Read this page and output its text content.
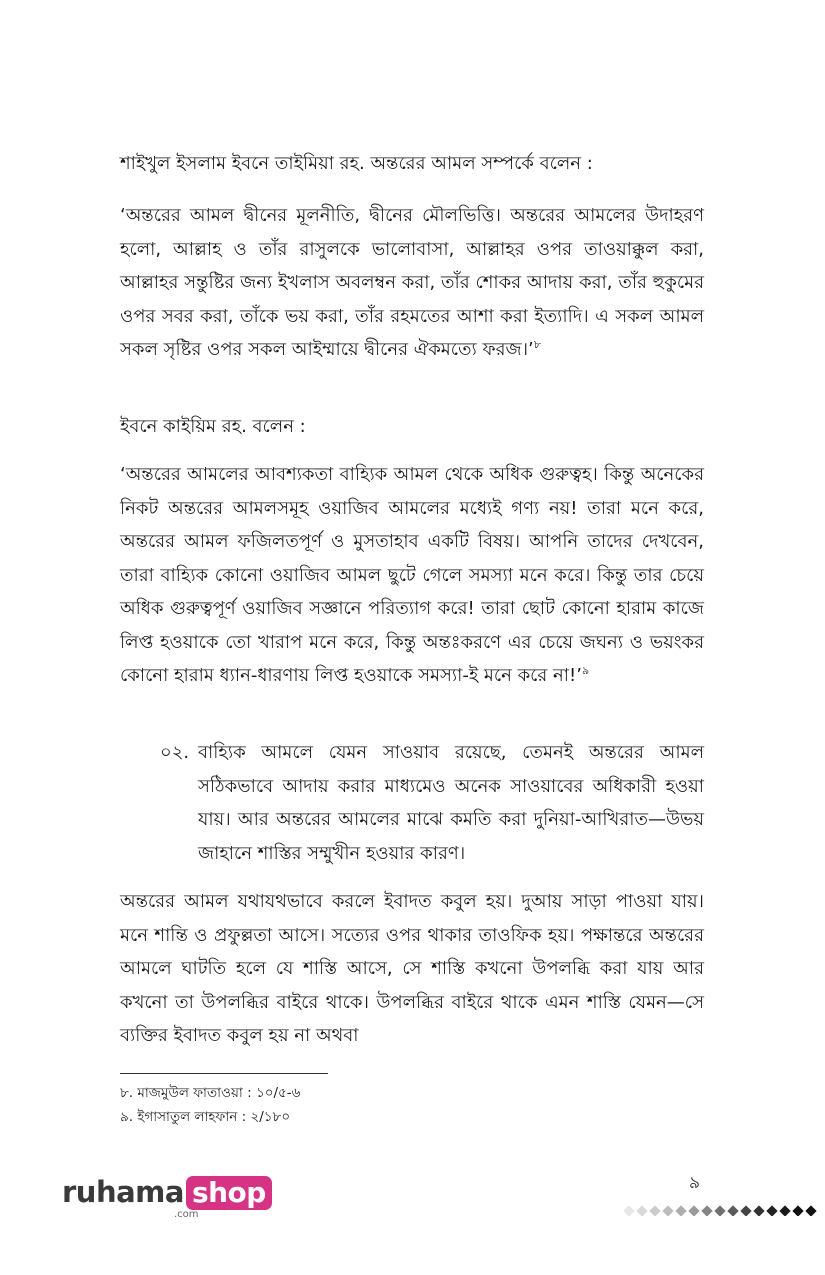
শাইখুল ইসলাম ইবনে তাইমিয়া রহ. অন্তরের আমল সম্পর্কে বলেন :

‘অন্তরের আমল দ্বীনের মূলনীতি, দ্বীনের মৌলভিত্তি। অন্তরের আমলের উদাহরণ হলো, আল্লাহ ও তাঁর রাসুলকে ভালোবাসা, আল্লাহর ওপর তাওয়াক্কুল করা, আল্লাহর সন্তুষ্টির জন্য ইখলাস অবলম্বন করা, তাঁর শোকর আদায় করা, তাঁর হুকুমের ওপর সবর করা, তাঁকে ভয় করা, তাঁর রহমতের আশা করা ইত্যাদি। এ সকল আমল সকল সৃষ্টির ওপর সকল আইম্মায়ে দ্বীনের ঐকমত্যে ফরজ।’$^৮$

ইবনে কাইয়িম রহ. বলেন :

‘অন্তরের আমলের আবশ্যকতা বাহ্যিক আমল থেকে অধিক গুরুত্বহ। কিন্তু অনেকের নিকট অন্তরের আমলসমূহ ওয়াজিব আমলের মধ্যেই গণ্য নয়! তারা মনে করে, অন্তরের আমল ফজিলতপূর্ণ ও মুসতাহাব একটি বিষয়। আপনি তাদের দেখবেন, তারা বাহ্যিক কোনো ওয়াজিব আমল ছুটে গেলে সমস্যা মনে করে। কিন্তু তার চেয়ে অধিক গুরুত্বপূর্ণ ওয়াজিব সজ্ঞানে পরিত্যাগ করে! তারা ছোট কোনো হারাম কাজে লিপ্ত হওয়াকে তো খারাপ মনে করে, কিন্তু অন্তঃকরণে এর চেয়ে জঘন্য ও ভয়ংকর কোনো হারাম ধ্যান-ধারণায় লিপ্ত হওয়াকে সমস্যা-ই মনে করে না!’$^৯$

০২. বাহ্যিক আমলে যেমন সাওয়াব রয়েছে, তেমনই অন্তরের আমল সঠিকভাবে আদায় করার মাধ্যমেও অনেক সাওয়াবের অধিকারী হওয়া যায়। আর অন্তরের আমলের মাঝে কমতি করা দুনিয়া-আখিরাত—উভয় জাহানে শাস্তির সম্মুখীন হওয়ার কারণ।

অন্তরের আমল যথাযথভাবে করলে ইবাদত কবুল হয়। দুআয় সাড়া পাওয়া যায়। মনে শান্তি ও প্রফুল্লতা আসে। সত্যের ওপর থাকার তাওফিক হয়। পক্ষান্তরে অন্তরের আমলে ঘাটতি হলে যে শাস্তি আসে, সে শাস্তি কখনো উপলব্ধি করা যায় আর কখনো তা উপলব্ধির বাইরে থাকে। উপলব্ধির বাইরে থাকে এমন শাস্তি যেমন—সে ব্যক্তির ইবাদত কবুল হয় না অথবা

৮. মাজমুউল ফাতাওয়া : ১০/৫-৬
৯. ইগাসাতুল লাহফান : ২/১৮০
৯
ruhama shop
.com
